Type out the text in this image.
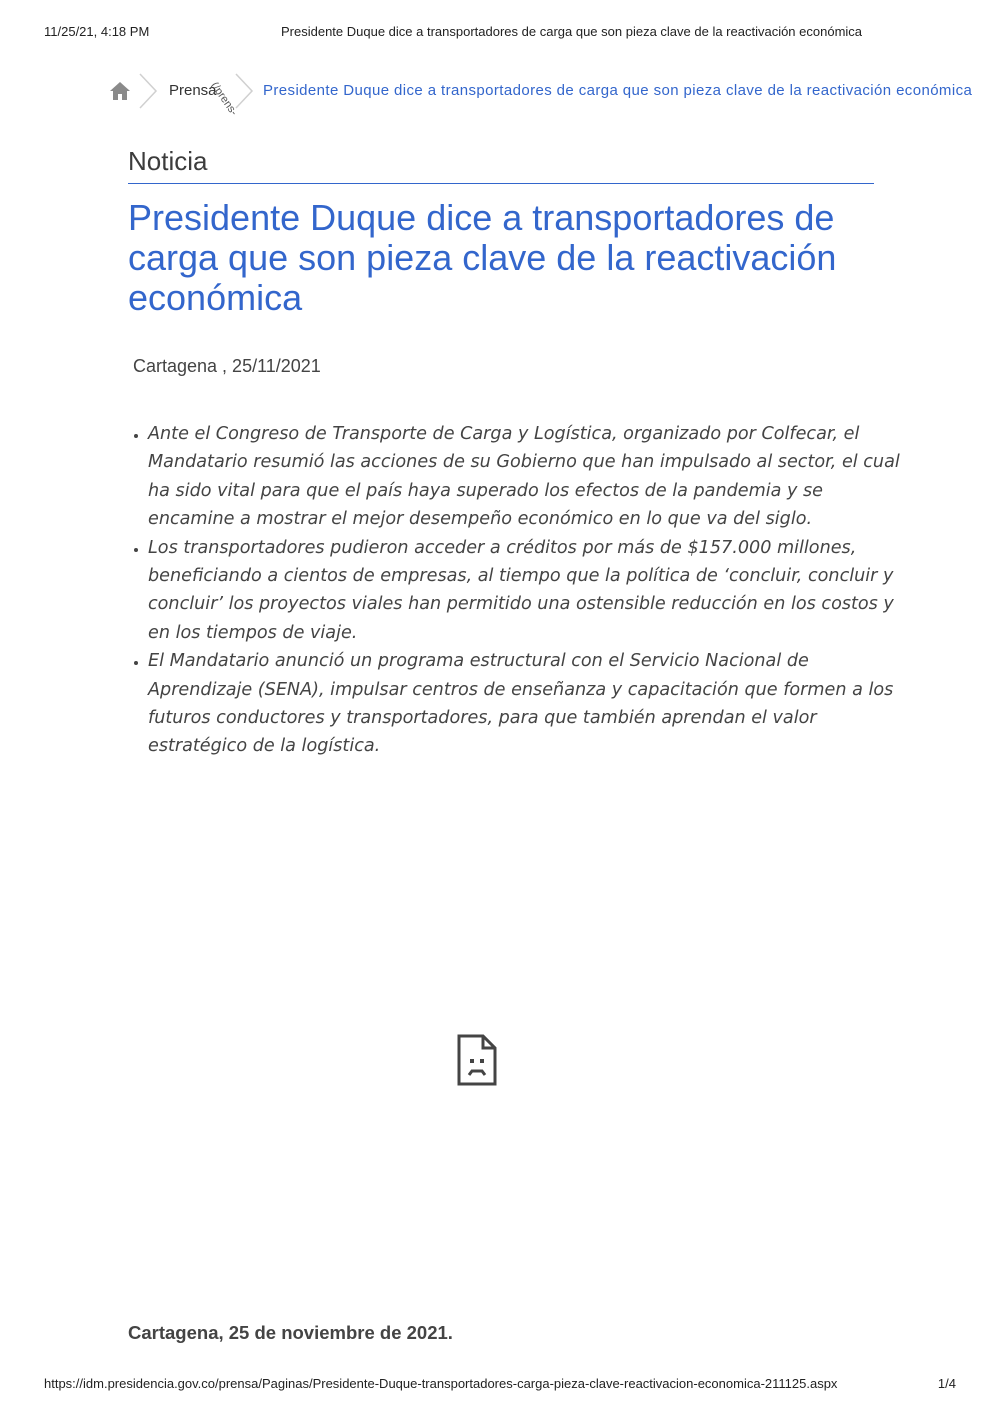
11/25/21, 4:18 PM	Presidente Duque dice a transportadores de carga que son pieza clave de la reactivación económica
Prensa
(/prens- Presidente Duque dice a transportadores de carga que son pieza clave de la reactivación económica
Noticia
Presidente Duque dice a transportadores de carga que son pieza clave de la reactivación económica
Cartagena , 25/11/2021
• Ante el Congreso de Transporte de Carga y Logística, organizado por Colfecar, el Mandatario resumió las acciones de su Gobierno que han impulsado al sector, el cual ha sido vital para que el país haya superado los efectos de la pandemia y se encamine a mostrar el mejor desempeño económico en lo que va del siglo.
• Los transportadores pudieron acceder a créditos por más de $157.000 millones, beneficiando a cientos de empresas, al tiempo que la política de ‘concluir, concluir y concluir’ los proyectos viales han permitido una ostensible reducción en los costos y en los tiempos de viaje.
• El Mandatario anunció un programa estructural con el Servicio Nacional de Aprendizaje (SENA), impulsar centros de enseñanza y capacitación que formen a los futuros conductores y transportadores, para que también aprendan el valor estratégico de la logística.
Cartagena, 25 de noviembre de 2021.
https://idm.presidencia.gov.co/prensa/Paginas/Presidente-Duque-transportadores-carga-pieza-clave-reactivacion-economica-211125.aspx	1/4
